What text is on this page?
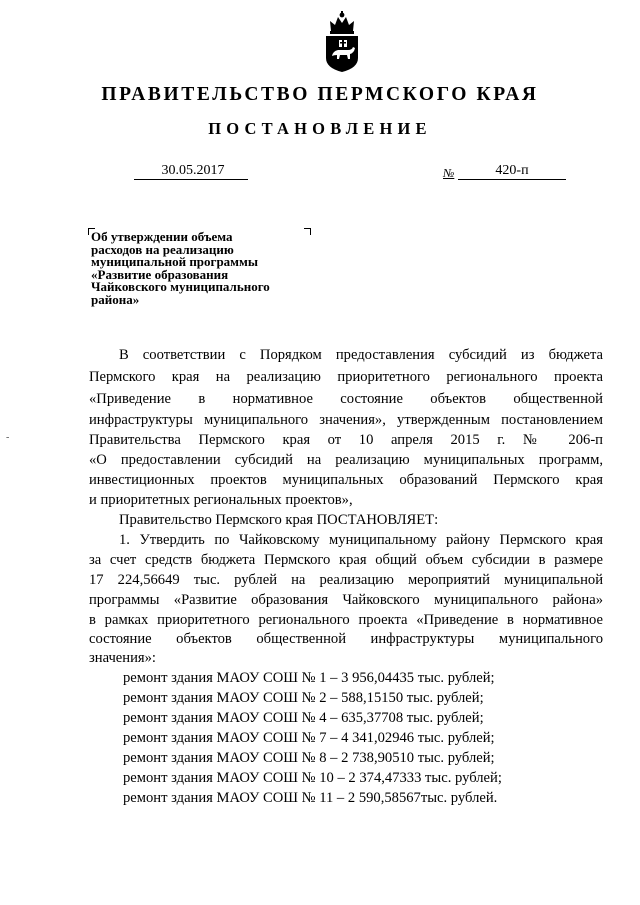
ПРАВИТЕЛЬСТВО ПЕРМСКОГО КРАЯ
ПОСТАНОВЛЕНИЕ
30.05.2017	№	420-п
Об утверждении объема
расходов на реализацию
муниципальной программы
«Развитие образования
Чайковского муниципального
района»
-
В соответствии с Порядком предоставления субсидий из бюджета
Пермского края на реализацию приоритетного регионального проекта
«Приведение в нормативное состояние объектов общественной
инфраструктуры муниципального значения», утвержденным постановлением
Правительства Пермского края от 10 апреля 2015 г. № 206-п
«О предоставлении субсидий на реализацию муниципальных программ,
инвестиционных проектов муниципальных образований Пермского края
и приоритетных региональных проектов»,
Правительство Пермского края ПОСТАНОВЛЯЕТ:
1. Утвердить по Чайковскому муниципальному району Пермского края
за счет средств бюджета Пермского края общий объем субсидии в размере
17 224,56649 тыс. рублей на реализацию мероприятий муниципальной
программы «Развитие образования Чайковского муниципального района»
в рамках приоритетного регионального проекта «Приведение в нормативное
состояние объектов общественной инфраструктуры муниципального
значения»:
ремонт здания МАОУ СОШ № 1 – 3 956,04435 тыс. рублей;
ремонт здания МАОУ СОШ № 2 – 588,15150 тыс. рублей;
ремонт здания МАОУ СОШ № 4 – 635,37708 тыс. рублей;
ремонт здания МАОУ СОШ № 7 – 4 341,02946 тыс. рублей;
ремонт здания МАОУ СОШ № 8 – 2 738,90510 тыс. рублей;
ремонт здания МАОУ СОШ № 10 – 2 374,47333 тыс. рублей;
ремонт здания МАОУ СОШ № 11 – 2 590,58567тыс. рублей.
